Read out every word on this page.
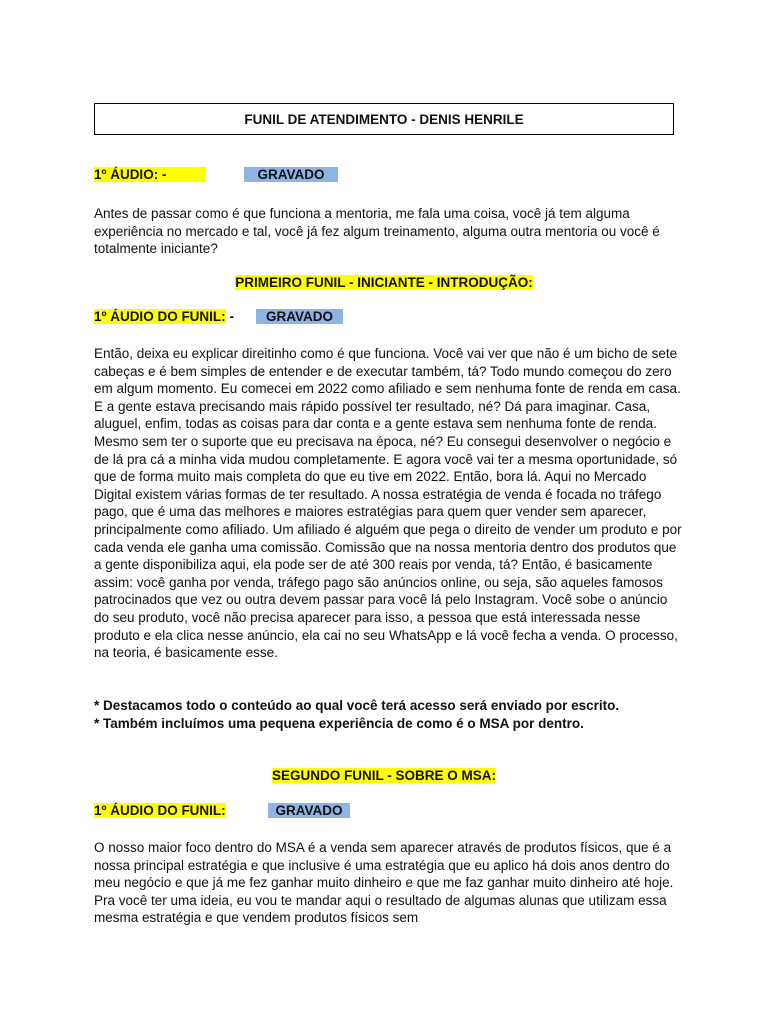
FUNIL DE ATENDIMENTO - DENIS HENRILE
1º ÁUDIO: -	GRAVADO

Antes de passar como é que funciona a mentoria, me fala uma coisa, você já tem alguma experiência no mercado e tal, você já fez algum treinamento, alguma outra mentoria ou você é totalmente iniciante?

PRIMEIRO FUNIL - INICIANTE - INTRODUÇÃO:
1º ÁUDIO DO FUNIL: -	GRAVADO

Então, deixa eu explicar direitinho como é que funciona. Você vai ver que não é um bicho de sete cabeças e é bem simples de entender e de executar também, tá? Todo mundo começou do zero em algum momento. Eu comecei em 2022 como afiliado e sem nenhuma fonte de renda em casa. E a gente estava precisando mais rápido possível ter resultado, né? Dá para imaginar. Casa, aluguel, enfim, todas as coisas para dar conta e a gente estava sem nenhuma fonte de renda. Mesmo sem ter o suporte que eu precisava na época, né? Eu consegui desenvolver o negócio e de lá pra cá a minha vida mudou completamente. E agora você vai ter a mesma oportunidade, só que de forma muito mais completa do que eu tive em 2022. Então, bora lá. Aqui no Mercado Digital existem várias formas de ter resultado. A nossa estratégia de venda é focada no tráfego pago, que é uma das melhores e maiores estratégias para quem quer vender sem aparecer, principalmente como afiliado. Um afiliado é alguém que pega o direito de vender um produto e por cada venda ele ganha uma comissão. Comissão que na nossa mentoria dentro dos produtos que a gente disponibiliza aqui, ela pode ser de até 300 reais por venda, tá? Então, é basicamente assim: você ganha por venda, tráfego pago são anúncios online, ou seja, são aqueles famosos patrocinados que vez ou outra devem passar para você lá pelo Instagram. Você sobe o anúncio do seu produto, você não precisa aparecer para isso, a pessoa que está interessada nesse produto e ela clica nesse anúncio, ela cai no seu WhatsApp e lá você fecha a venda. O processo, na teoria, é basicamente esse.

* Destacamos todo o conteúdo ao qual você terá acesso será enviado por escrito.

* Também incluímos uma pequena experiência de como é o MSA por dentro.

SEGUNDO FUNIL - SOBRE O MSA:
1º ÁUDIO DO FUNIL:	GRAVADO

O nosso maior foco dentro do MSA é a venda sem aparecer através de produtos físicos, que é a nossa principal estratégia e que inclusive é uma estratégia que eu aplico há dois anos dentro do meu negócio e que já me fez ganhar muito dinheiro e que me faz ganhar muito dinheiro até hoje. Pra você ter uma ideia, eu vou te mandar aqui o resultado de algumas alunas que utilizam essa mesma estratégia e que vendem produtos físicos sem
